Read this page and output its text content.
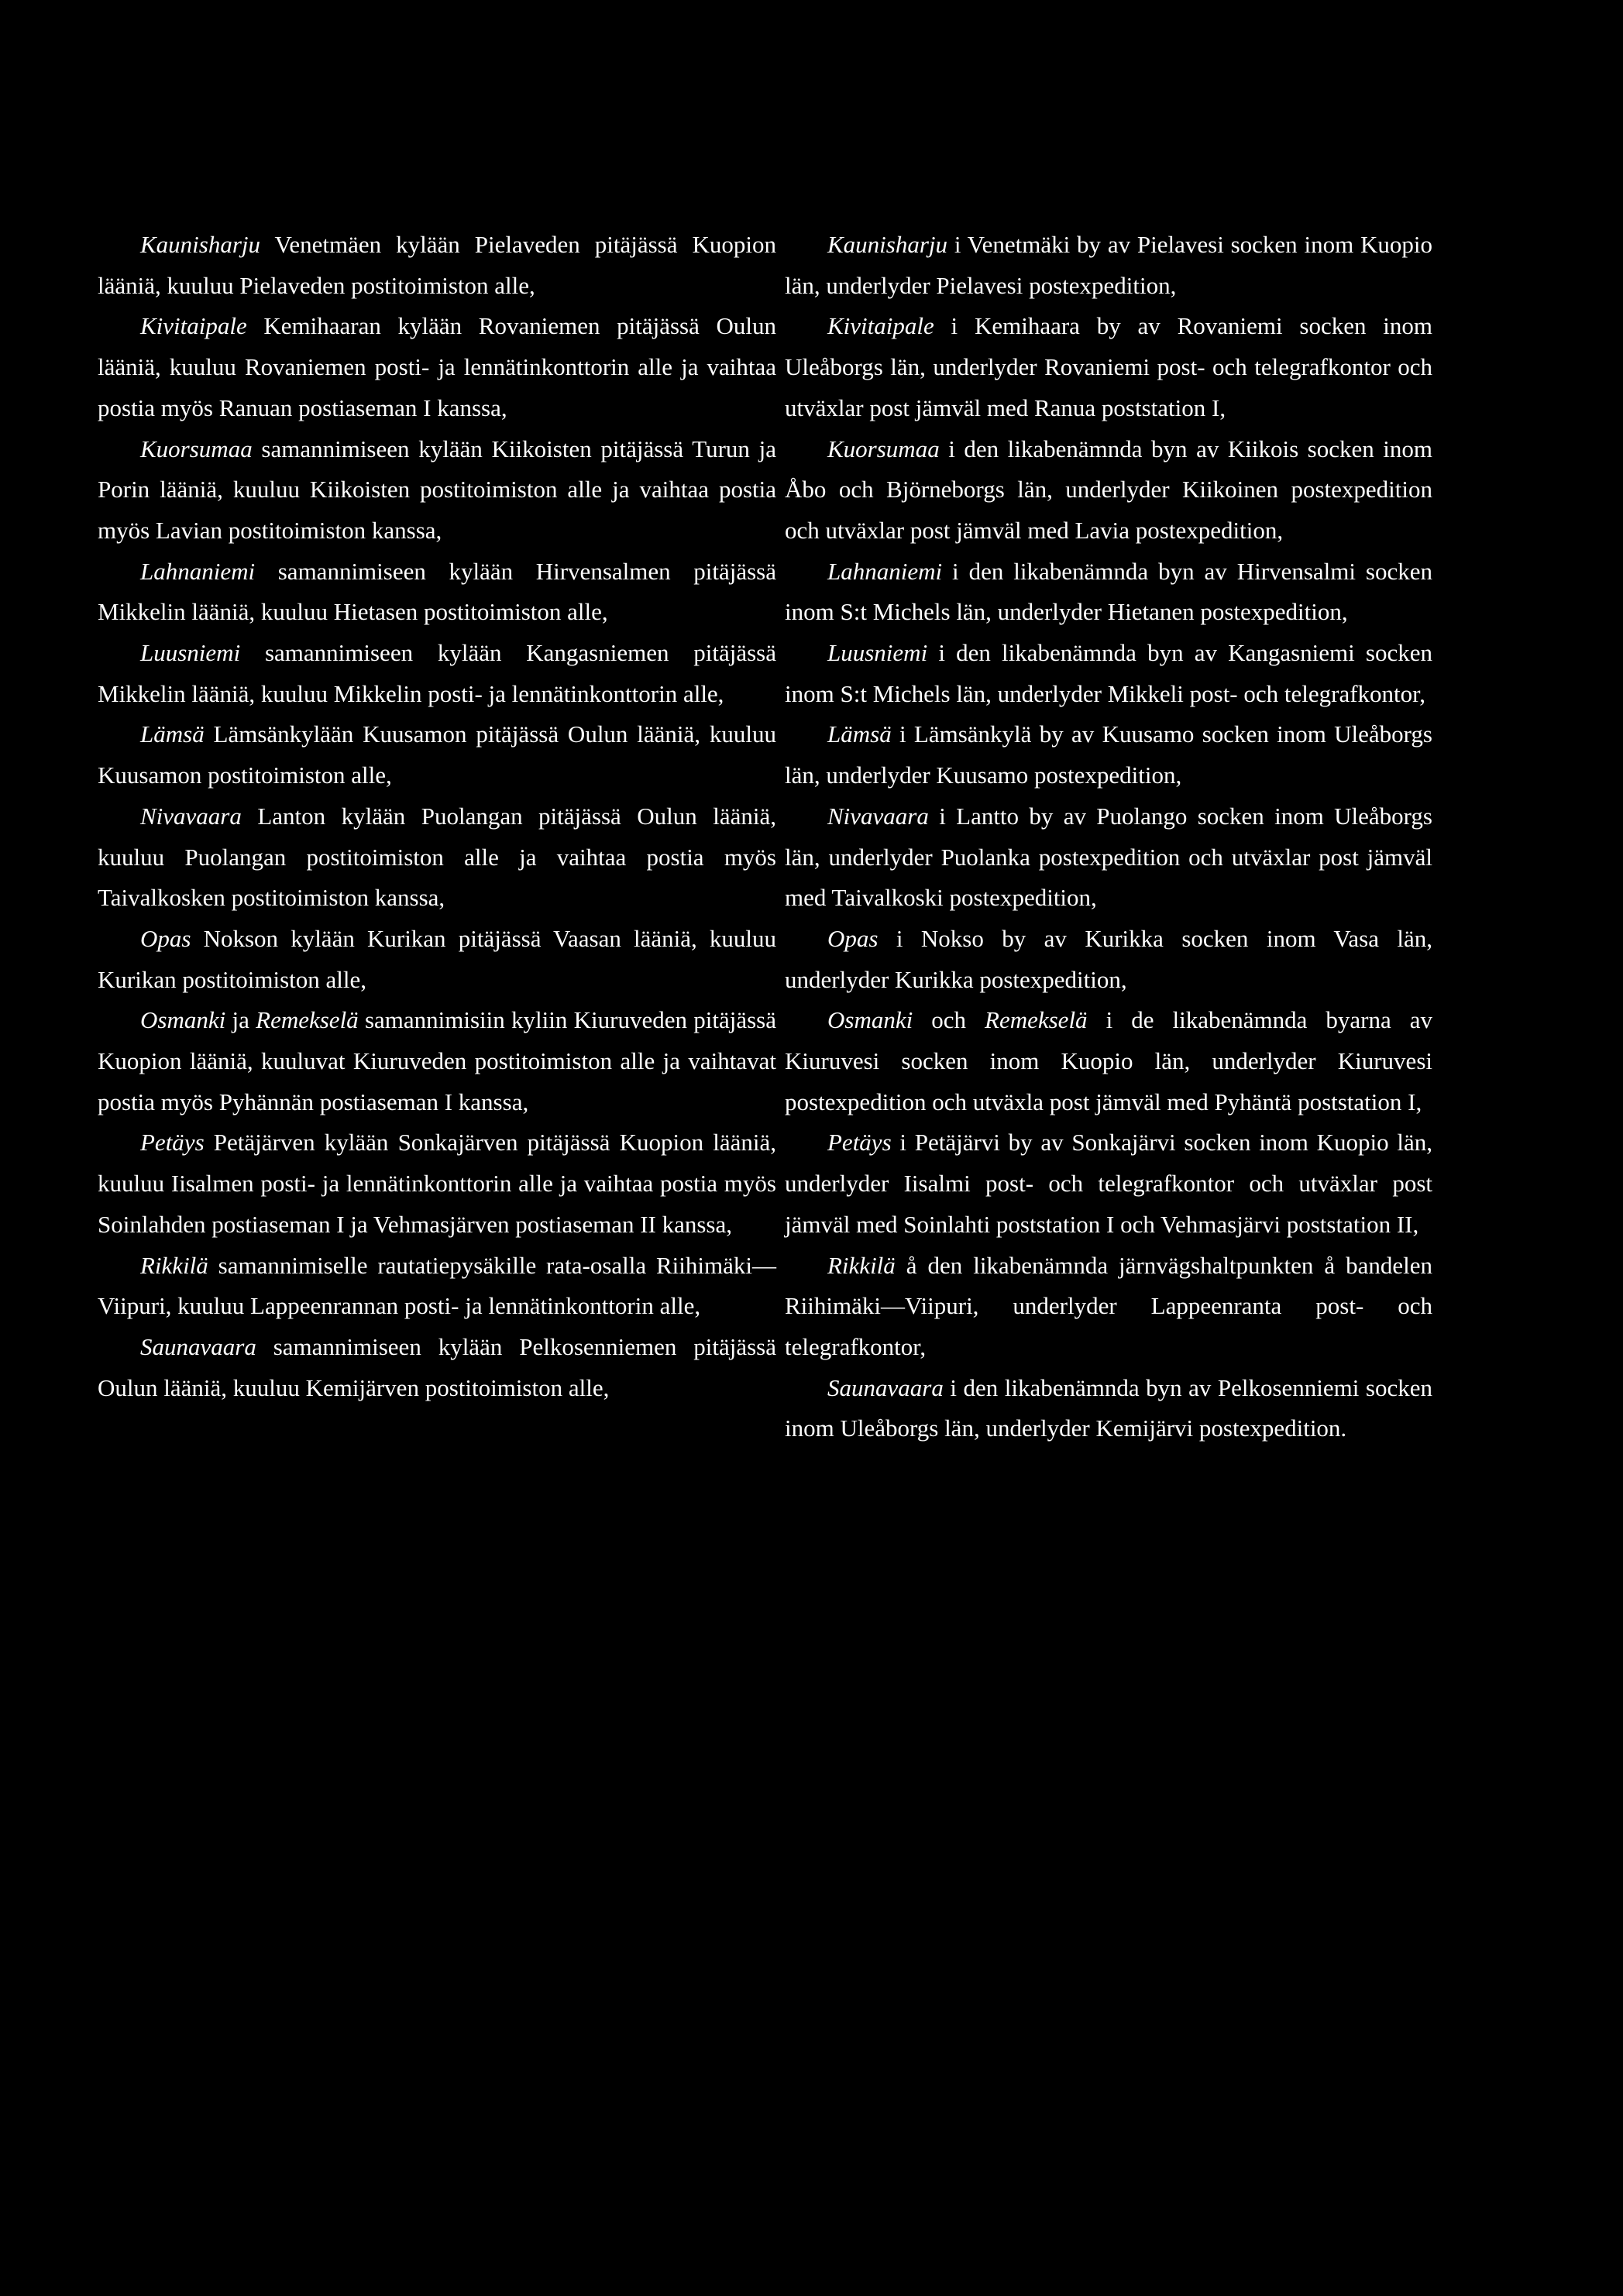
Kaunisharju Venetmäen kylään Pielaveden pitäjässä Kuopion lääniä, kuuluu Pielaveden postitoimiston alle,

Kivitaipale Kemihaaran kylään Rovaniemen pitäjässä Oulun lääniä, kuuluu Rovaniemen posti- ja lennätinkonttorin alle ja vaihtaa postia myös Ranuan postiaseman I kanssa,

Kuorsumaa samannimiseen kylään Kiikoisten pitäjässä Turun ja Porin lääniä, kuuluu Kiikoisten postitoimiston alle ja vaihtaa postia myös Lavian postitoimiston kanssa,

Lahnaniemi samannimiseen kylään Hirvensalmen pitäjässä Mikkelin lääniä, kuuluu Hietasen postitoimiston alle,

Luusniemi samannimiseen kylään Kangasniemen pitäjässä Mikkelin lääniä, kuuluu Mikkelin posti- ja lennätinkonttorin alle,

Lämsä Lämsänkylään Kuusamon pitäjässä Oulun lääniä, kuuluu Kuusamon postitoimiston alle,

Nivavaara Lanton kylään Puolangan pitäjässä Oulun lääniä, kuuluu Puolangan postitoimiston alle ja vaihtaa postia myös Taivalkosken postitoimiston kanssa,

Opas Nokson kylään Kurikan pitäjässä Vaasan lääniä, kuuluu Kurikan postitoimiston alle,

Osmanki ja Remekselä samannimisiin kyliin Kiuruveden pitäjässä Kuopion lääniä, kuuluvat Kiuruveden postitoimiston alle ja vaihtavat postia myös Pyhännän postiaseman I kanssa,

Petäys Petäjärven kylään Sonkajärven pitäjässä Kuopion lääniä, kuuluu Iisalmen posti- ja lennätinkonttorin alle ja vaihtaa postia myös Soinlahden postiaseman I ja Vehmasjärven postiaseman II kanssa,

Rikkilä samannimiselle rautatiepysäkille rata-osalla Riihimäki—Viipuri, kuuluu Lappeenrannan posti- ja lennätinkonttorin alle,

Saunavaara samannimiseen kylään Pelkosenniemen pitäjässä Oulun lääniä, kuuluu Kemijärven postitoimiston alle,

Kaunisharju i Venetmäki by av Pielavesi socken inom Kuopio län, underlyder Pielavesi postexpedition,

Kivitaipale i Kemihaara by av Rovaniemi socken inom Uleåborgs län, underlyder Rovaniemi post- och telegrafkontor och utväxlar post jämväl med Ranua poststation I,

Kuorsumaa i den likabenämnda byn av Kiikois socken inom Åbo och Björneborgs län, underlyder Kiikoinen postexpedition och utväxlar post jämväl med Lavia postexpedition,

Lahnaniemi i den likabenämnda byn av Hirvensalmi socken inom S:t Michels län, underlyder Hietanen postexpedition,

Luusniemi i den likabenämnda byn av Kangasniemi socken inom S:t Michels län, underlyder Mikkeli post- och telegrafkontor,

Lämsä i Lämsänkylä by av Kuusamo socken inom Uleåborgs län, underlyder Kuusamo postexpedition,

Nivavaara i Lantto by av Puolango socken inom Uleåborgs län, underlyder Puolanka postexpedition och utväxlar post jämväl med Taivalkoski postexpedition,

Opas i Nokso by av Kurikka socken inom Vasa län, underlyder Kurikka postexpedition,

Osmanki och Remekselä i de likabenämnda byarna av Kiuruvesi socken inom Kuopio län, underlyder Kiuruvesi postexpedition och utväxla post jämväl med Pyhäntä poststation I,

Petäys i Petäjärvi by av Sonkajärvi socken inom Kuopio län, underlyder Iisalmi post- och telegrafkontor och utväxlar post jämväl med Soinlahti poststation I och Vehmasjärvi poststation II,

Rikkilä å den likabenämnda järnvägshaltpunkten å bandelen Riihimäki—Viipuri, underlyder Lappeenranta post- och telegrafkontor,

Saunavaara i den likabenämnda byn av Pelkosenniemi socken inom Uleåborgs län, underlyder Kemijärvi postexpedition.
